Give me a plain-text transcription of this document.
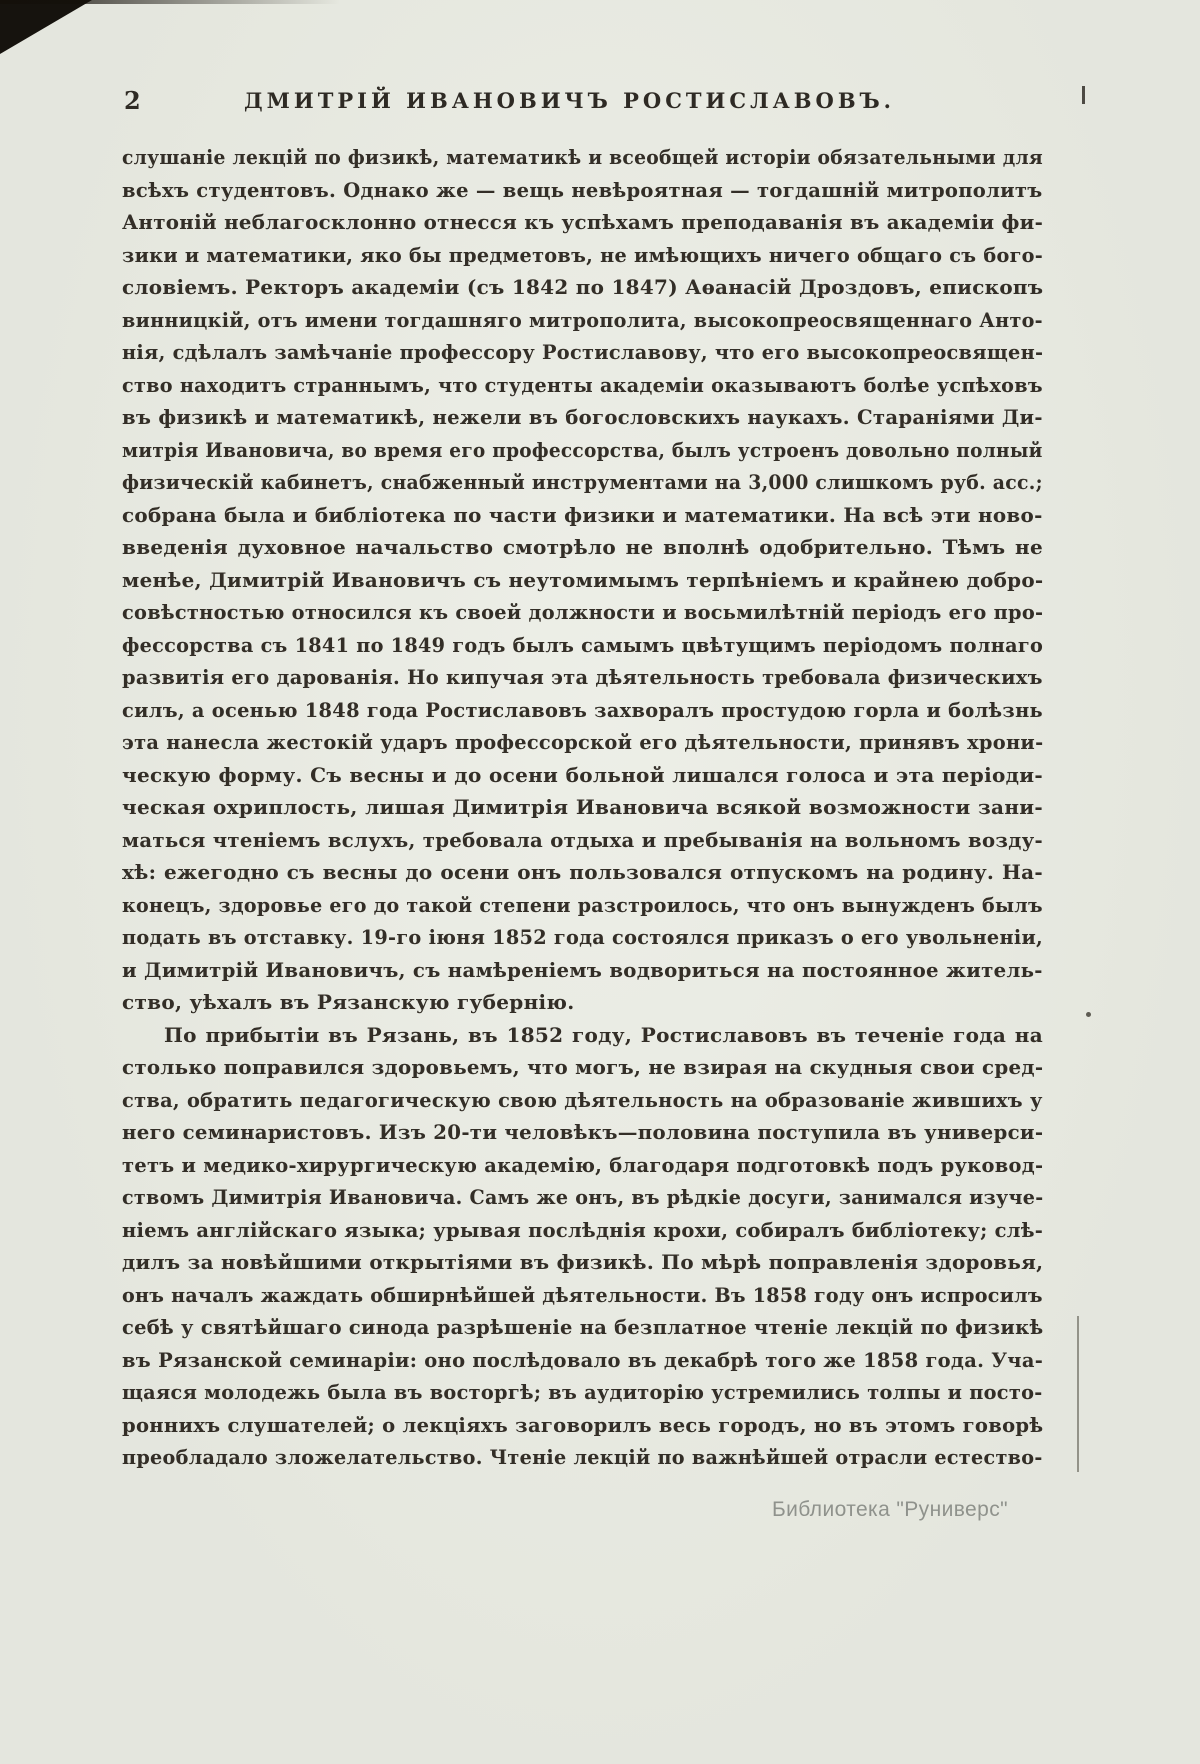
2	ДМИТРІЙ ИВАНОВИЧЪ РОСТИСЛАВОВЪ.
слушаніе лекцій по физикѣ, математикѣ и всеобщей исторіи обязательными для
всѣхъ студентовъ. Однако же — вещь невѣроятная — тогдашній митрополитъ
Антоній неблагосклонно отнесся къ успѣхамъ преподаванія въ академіи фи-
зики и математики, яко бы предметовъ, не имѣющихъ ничего общаго съ бого-
словіемъ. Ректоръ академіи (съ 1842 по 1847) Аѳанасій Дроздовъ, епископъ
винницкій, отъ имени тогдашняго митрополита, высокопреосвященнаго Анто-
нія, сдѣлалъ замѣчаніе профессору Ростиславову, что его высокопреосвящен-
ство находитъ страннымъ, что студенты академіи оказываютъ болѣе успѣховъ
въ физикѣ и математикѣ, нежели въ богословскихъ наукахъ. Стараніями Ди-
митрія Ивановича, во время его профессорства, былъ устроенъ довольно полный
физическій кабинетъ, снабженный инструментами на 3,000 слишкомъ руб. асс.;
собрана была и библіотека по части физики и математики. На всѣ эти ново-
введенія духовное начальство смотрѣло не вполнѣ одобрительно. Тѣмъ не
менѣе, Димитрій Ивановичъ съ неутомимымъ терпѣніемъ и крайнею добро-
совѣстностью относился къ своей должности и восьмилѣтній періодъ его про-
фессорства съ 1841 по 1849 годъ былъ самымъ цвѣтущимъ періодомъ полнаго
развитія его дарованія. Но кипучая эта дѣятельность требовала физическихъ
силъ, а осенью 1848 года Ростиславовъ захворалъ простудою горла и болѣзнь
эта нанесла жестокій ударъ профессорской его дѣятельности, принявъ хрони-
ческую форму. Съ весны и до осени больной лишался голоса и эта періоди-
ческая охриплость, лишая Димитрія Ивановича всякой возможности зани-
маться чтеніемъ вслухъ, требовала отдыха и пребыванія на вольномъ возду-
хѣ: ежегодно съ весны до осени онъ пользовался отпускомъ на родину. На-
конецъ, здоровье его до такой степени разстроилось, что онъ вынужденъ былъ
подать въ отставку. 19-го іюня 1852 года состоялся приказъ о его увольненіи,
и Димитрій Ивановичъ, съ намѣреніемъ водвориться на постоянное житель-
ство, уѣхалъ въ Рязанскую губернію.
По прибытіи въ Рязань, въ 1852 году, Ростиславовъ въ теченіе года на
столько поправился здоровьемъ, что могъ, не взирая на скудныя свои сред-
ства, обратить педагогическую свою дѣятельность на образованіе жившихъ у
него семинаристовъ. Изъ 20-ти человѣкъ—половина поступила въ универси-
тетъ и медико-хирургическую академію, благодаря подготовкѣ подъ руковод-
ствомъ Димитрія Ивановича. Самъ же онъ, въ рѣдкіе досуги, занимался изуче-
ніемъ англійскаго языка; урывая послѣднія крохи, собиралъ библіотеку; слѣ-
дилъ за новѣйшими открытіями въ физикѣ. По мѣрѣ поправленія здоровья,
онъ началъ жаждать обширнѣйшей дѣятельности. Въ 1858 году онъ испросилъ
себѣ у святѣйшаго синода разрѣшеніе на безплатное чтеніе лекцій по физикѣ
въ Рязанской семинаріи: оно послѣдовало въ декабрѣ того же 1858 года. Уча-
щаяся молодежь была въ восторгѣ; въ аудиторію устремились толпы и посто-
роннихъ слушателей; о лекціяхъ заговорилъ весь городъ, но въ этомъ говорѣ
преобладало зложелательство. Чтеніе лекцій по важнѣйшей отрасли естество-
Библиотека "Руниверс"
